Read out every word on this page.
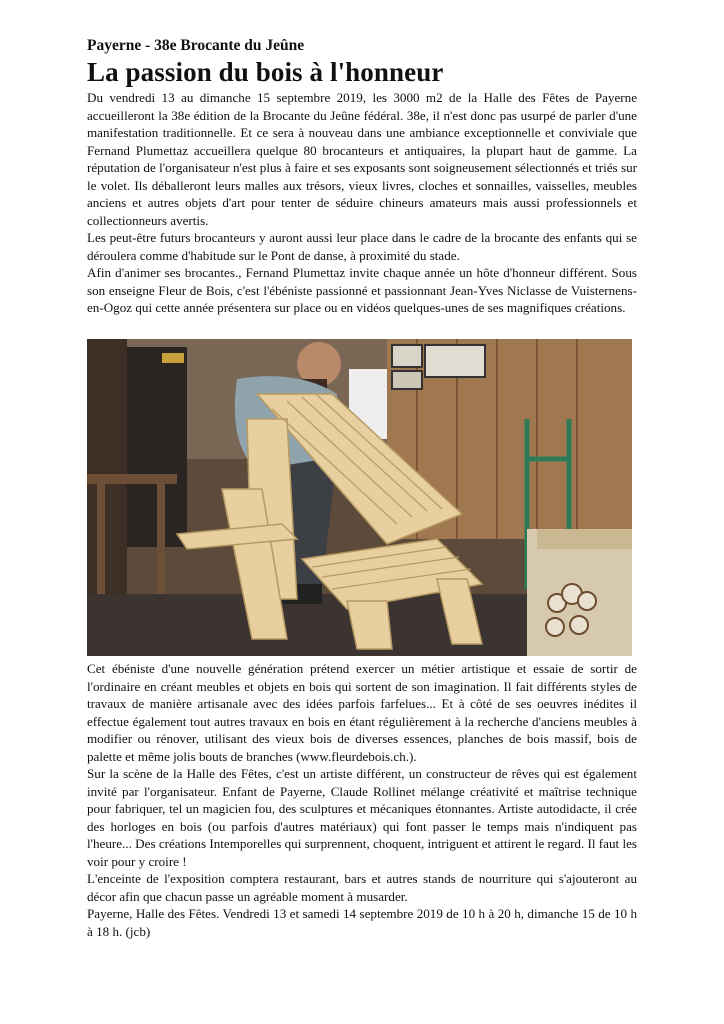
Payerne - 38e Brocante du Jeûne
La passion du bois à l'honneur

Du vendredi 13 au dimanche 15 septembre 2019, les 3000 m2 de la Halle des Fêtes de Payerne accueilleront la 38e édition de la Brocante du Jeûne fédéral. 38e, il n'est donc pas usurpé de parler d'une manifestation traditionnelle. Et ce sera à nouveau dans une ambiance exceptionnelle et conviviale que Fernand Plumettaz accueillera quelque 80 brocanteurs et antiquaires, la plupart haut de gamme. La réputation de l'organisateur n'est plus à faire et ses exposants sont soigneusement sélectionnés et triés sur le volet. Ils déballeront leurs malles aux trésors, vieux livres, cloches et sonnailles, vaisselles, meubles anciens et autres objets d'art pour tenter de séduire chineurs amateurs mais aussi professionnels et collectionneurs avertis.

Les peut-être futurs brocanteurs y auront aussi leur place dans le cadre de la brocante des enfants qui se déroulera comme d'habitude sur le Pont de danse, à proximité du stade.

Afin d'animer ses brocantes., Fernand Plumettaz invite chaque année un hôte d'honneur différent. Sous son enseigne Fleur de Bois, c'est l'ébéniste passionné et passionnant Jean-Yves Niclasse de Vuisternens-en-Ogoz qui cette année présentera sur place ou en vidéos quelques-unes de ses magnifiques créations.

Cet ébéniste d'une nouvelle génération prétend exercer un métier artistique et essaie de sortir de l'ordinaire en créant meubles et objets en bois qui sortent de son imagination. Il fait différents styles de travaux de manière artisanale avec des idées parfois farfelues... Et à côté de ses oeuvres inédites il effectue également tout autres travaux en bois en étant régulièrement à la recherche d'anciens meubles à modifier ou rénover, utilisant des vieux bois de diverses essences, planches de bois massif, bois de palette et même jolis bouts de branches (www.fleurdebois.ch.).

Sur la scène de la Halle des Fêtes, c'est un artiste différent, un constructeur de rêves qui est également invité par l'organisateur. Enfant de Payerne, Claude Rollinet mélange créativité et maîtrise technique pour fabriquer, tel un magicien fou, des sculptures et mécaniques étonnantes. Artiste autodidacte, il crée des horloges en bois (ou parfois d'autres matériaux) qui font passer le temps mais n'indiquent pas l'heure... Des créations Intemporelles qui surprennent, choquent, intriguent et attirent le regard. Il faut les voir pour y croire !

L'enceinte de l'exposition comptera restaurant, bars et autres stands de nourriture qui s'ajouteront au décor afin que chacun passe un agréable moment à musarder.

Payerne, Halle des Fêtes. Vendredi 13 et samedi 14 septembre 2019 de 10 h à 20 h, dimanche 15 de 10 h à 18 h. (jcb)
